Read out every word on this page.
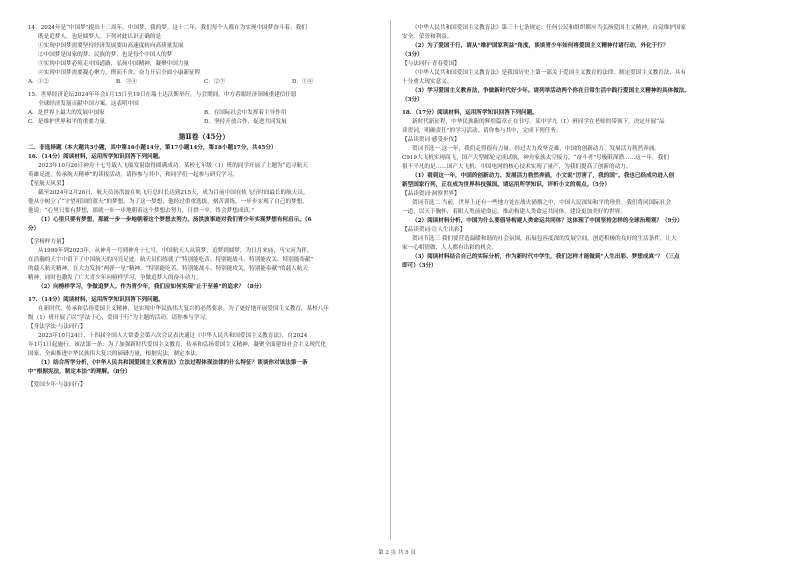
14．2024年是“中国梦”提出十二周年。中国梦，我的梦。这十二年，我们每个人都在为实现中国梦奋斗着。我们

既是追梦人，也是圆梦人。下列对此认识正确的是

①实现中国梦需要坚持经济发展要由高速度转向高质量发展

②中国梦是国家的梦、民族的梦，也是每个中国人的梦

③实现中国梦必须走中国道路，弘扬中国精神，凝聚中国力量

④实现中国梦需要凝心聚力，锲而不舍，奋力开启全面小康新征程

A．①②	B．③④	C．②③	D．①④

15．世界经济论坛2024年年会1月15日至19日在瑞士达沃斯举行。与会期间，中方着眼经济领域重建信任愿

全球经济发展贡献中国方案。这表明中国

A．是世界上最大的发展中国家	B．在国际社会中发挥着主导作用
C．是维护世界和平的重要力量	D．坚持开放合作，促进共同发展
第Ⅱ卷（45分）

二、非选择题（本大题共3小题，其中第16小题14分，第17小题14分，第18小题17分，共45分）

16．（14分）阅读材料，运用所学知识回答下列问题。

2023年10月26日神舟十七号载人飞船发射取得圆满成功。某校七年级（1）班的同学开展了主题为“追寻航天

英雄足迹，传承航天精神”的读报活动。请你参与其中，和同学们一起参与研究学习。

【星航天风采】

截至2024年2月26日，航天员汤洪波在轨飞行总时长达到215天，成为目前中国在轨飞行时间最长的航天员。

他从小树立了“守望祖国的蓝天”的梦想，为了这一梦想，他经过重重选拔，刻苦训练，一步步实现了自己的梦想。

他说：“心里只要有梦想，那就一步一步地朝着这个梦想去努力，日拱一卒，终会梦想成真。”

（1）心里只要有梦想，那就一步一步地朝着这个梦想去努力。汤洪波事迹对我们青少年实现梦想有何启示。（6

分）

【学榜样力量】

从1999年到2023年，从神舟一号到神舟十七号，中国航天人从筑梦、追梦到圆梦，为日月来庙，马宝河为伴，

在浩瀚的天宇中留下了中国航天的闪亮足迹。航天员们练就了“特别能吃苦、特别能战斗、特别能攻关、特别能奉献”

的载人航天精神，在大力发扬“两弹一星”精神、“特别能吃苦、特别能战斗、特别能攻关、特别能奉献”的载人航天

精神，同时也激发了广大青少年向榜样学习，争做追梦人的奋斗动力。

（2）向榜样学习，争做追梦人。作为青少年，我们应如何实现“止于至善”的追求？（8分）

17．（14分）阅读材料，运用所学知识回答下列问题。

在新时代，传承和弘扬爱国主义精神，是实现中华民族伟大复兴的必然要求。为了更好地开展爱国主义教育，某校八年

级（1）班开展了以“学法于心，爱国于行”为主题的活动。请你参与学习。

【身法学法·与法同行】

2023年10月24日，十四届全国人大常委会第六次会议表决通过《中华人民共和国爱国主义教育法》，自2024

年1月1日起施行。该法第一条：为了加强新时代爱国主义教育，传承和弘扬爱国主义精神，凝聚全面建设社会主义现代化

国家、全面推进中华民族伟大复兴的磅礴力量，根据宪法，制定本法。

（1）结合所学分析，《中华人民共和国爱国主义教育法》立法过程体现法律的什么特征？谈谈你对该法第一条

中“根据宪法，制定本法”的理解。（8分）

【爱国少年·与法同行】

《中华人民共和国爱国主义教育法》第三十七条规定：任何公民和组织都应当弘扬爱国主义精神，自觉维护国家

安全、荣誉和利益。

（2）为了爱国于行，请从“维护国家利益”角度，谈谈青少年如何将爱国主义精神付诸行动，外化于行？

（3分）

【与法同行·青春爱国】

《中华人民共和国爱国主义教育法》是我国历史上第一部关于爱国主义教育的法律。制定爱国主义教育法，具有

十分重大现实意义。

（3）学习爱国主义教育法，争做新时代好少年。请列举活动两个你在日常生活中践行爱国主义精神的具体做法。

（3分）

18．（17分）阅读材料，运用所学知识回答下列问题。

新时代新征程，中华民族新的辉煌篇章正在书写。某中学九（1）班同学在老师的带领下，决定开展“品

读贺词，明确责任”的学习活动。请你参与其中，完成下列任务。

【品读贺词·感受步伐】

贺词节选一 这一年，我们走得很有力量。经过大力攻坚克难，中国的创新动力、发展活力勃然奔涌。

C919大飞机实现商飞，国产大型邮轮完成试航，神舟家族太空接力，“奋斗者”号极限深潜……这一年，我们

很不平凡的是……国产大飞机、中国电网的核心技术实现了量产，为我们提高了创新的动力。

（1）看到这一年，中国的创新动力、发展活力勃然奔涌，小文说“厉害了，我的国”。我也已经成功进入创

新型国家行列，正在成为世界科技强国。请运用所学知识，评析小文的观点。（5分）

【品读贺词·洞察世界】

贺词节选二 当前，世界上还有一些地方处在战火硝烟之中，中国人民深知和平的珍贵。我们将同国际社会

一道，以天下胸怀，着眼人类前途命运，推动构建人类命运共同体，建设更加美好的世界。

（2）阅读材料分析，中国为什么要倡导构建人类命运共同体？这体现了中国坚持怎样的全球治理观？（9分）

【品读贺词·让人生出彩】

贺词节选三 我们要营造温暖和谐的社会氛围，拓展包容度深的发展空间，创造积极的良好的生活条件，让大

家一心相情做，人人都有出彩的机会。

（3）阅读材料结合自己的实际分析，作为新时代中学生，我们怎样才能做到“人生出彩、梦想成真”？（三点

即可）（3分）

第 2 页 共 5 页
